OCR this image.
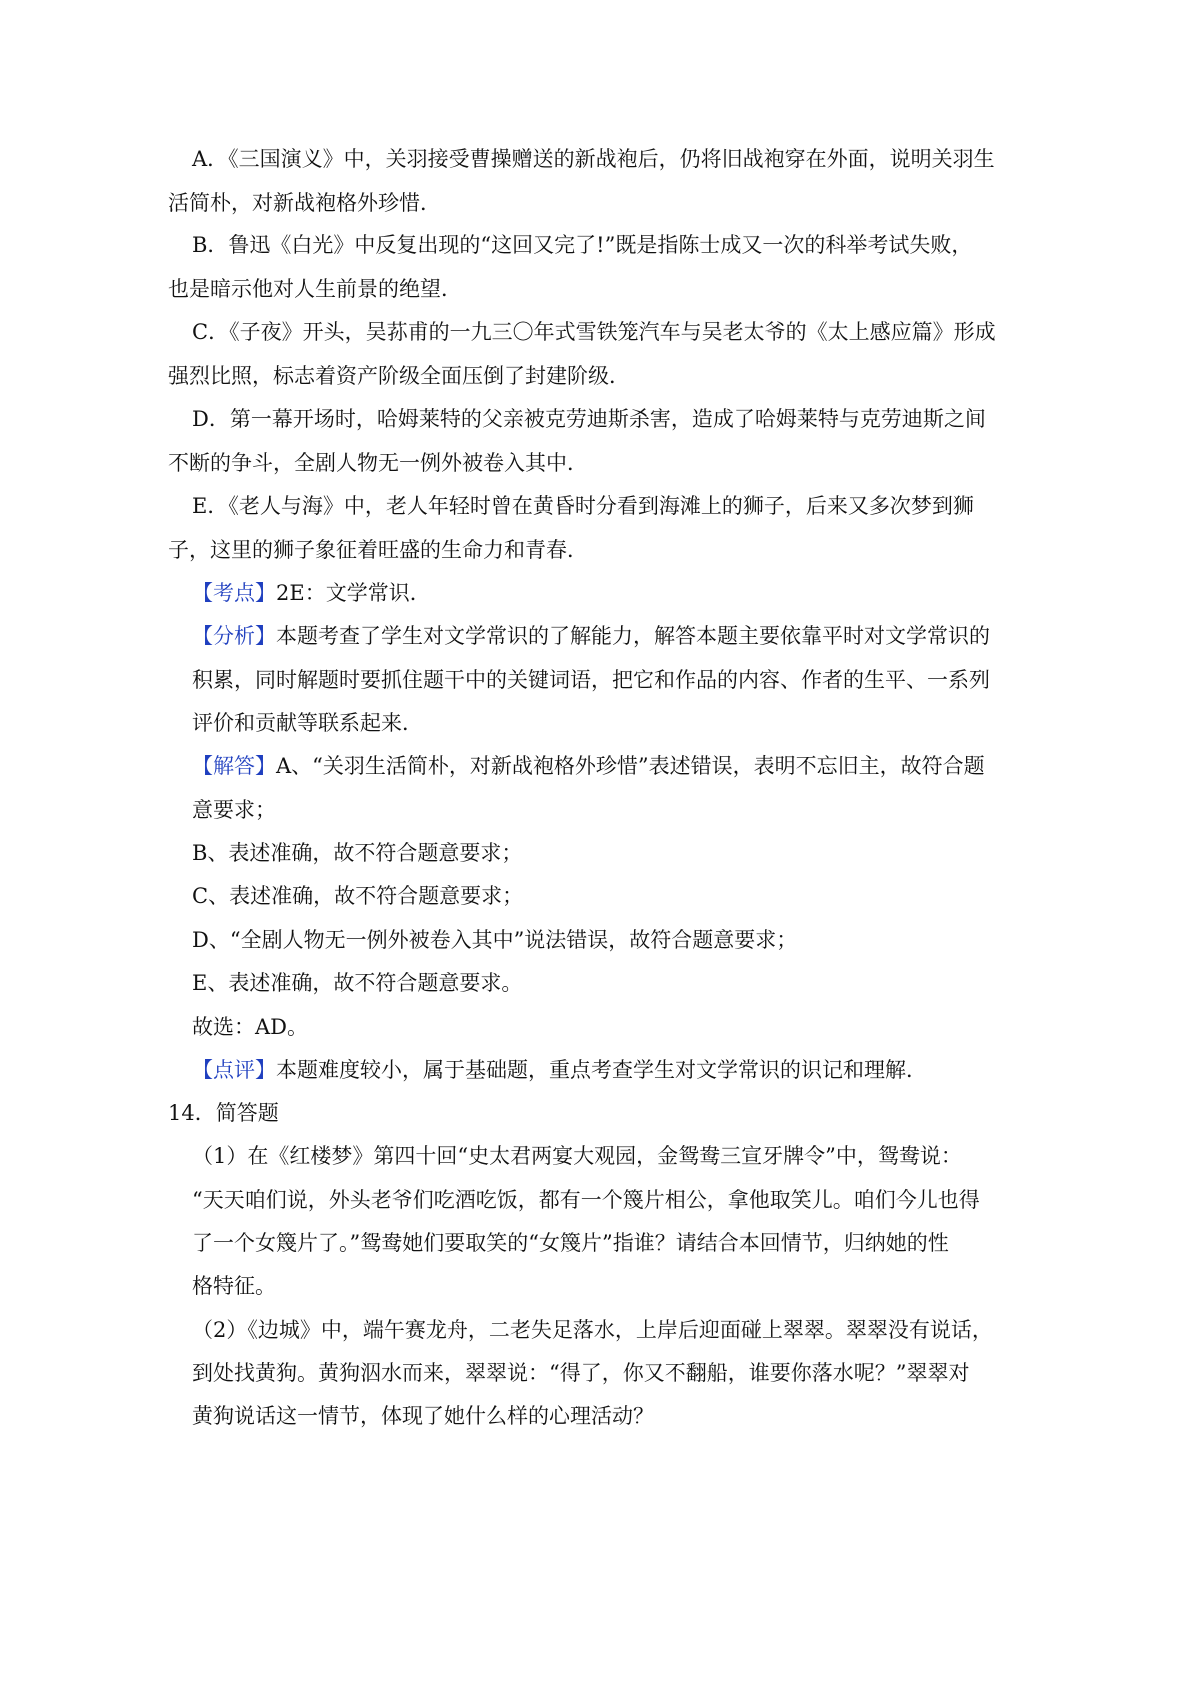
A．《三国演义》中，关羽接受曹操赠送的新战袍后，仍将旧战袍穿在外面，说明关羽生
活简朴，对新战袍格外珍惜．
B．鲁迅《白光》中反复出现的“这回又完了!”既是指陈士成又一次的科举考试失败，
也是暗示他对人生前景的绝望．
C．《子夜》开头，吴荪甫的一九三〇年式雪铁笼汽车与吴老太爷的《太上感应篇》形成
强烈比照，标志着资产阶级全面压倒了封建阶级．
D．第一幕开场时，哈姆莱特的父亲被克劳迪斯杀害，造成了哈姆莱特与克劳迪斯之间
不断的争斗，全剧人物无一例外被卷入其中．
E．《老人与海》中，老人年轻时曾在黄昏时分看到海滩上的狮子，后来又多次梦到狮
子，这里的狮子象征着旺盛的生命力和青春．
【考点】2E：文学常识．
【分析】本题考查了学生对文学常识的了解能力，解答本题主要依靠平时对文学常识的
积累，同时解题时要抓住题干中的关键词语，把它和作品的内容、作者的生平、一系列
评价和贡献等联系起来．
【解答】A、“关羽生活简朴，对新战袍格外珍惜”表述错误，表明不忘旧主，故符合题
意要求；
B、表述准确，故不符合题意要求；
C、表述准确，故不符合题意要求；
D、“全剧人物无一例外被卷入其中”说法错误，故符合题意要求；
E、表述准确，故不符合题意要求。
故选：AD。
【点评】本题难度较小，属于基础题，重点考查学生对文学常识的识记和理解．
14．简答题
（1）在《红楼梦》第四十回“史太君两宴大观园，金鸳鸯三宣牙牌令”中，鸳鸯说：
“天天咱们说，外头老爷们吃酒吃饭，都有一个篾片相公，拿他取笑儿。咱们今儿也得
了一个女篾片了。”鸳鸯她们要取笑的“女篾片”指谁？请结合本回情节，归纳她的性
格特征。
（2）《边城》中，端午赛龙舟，二老失足落水，上岸后迎面碰上翠翠。翠翠没有说话，
到处找黄狗。黄狗泅水而来，翠翠说：“得了，你又不翻船，谁要你落水呢？”翠翠对
黄狗说话这一情节，体现了她什么样的心理活动？
